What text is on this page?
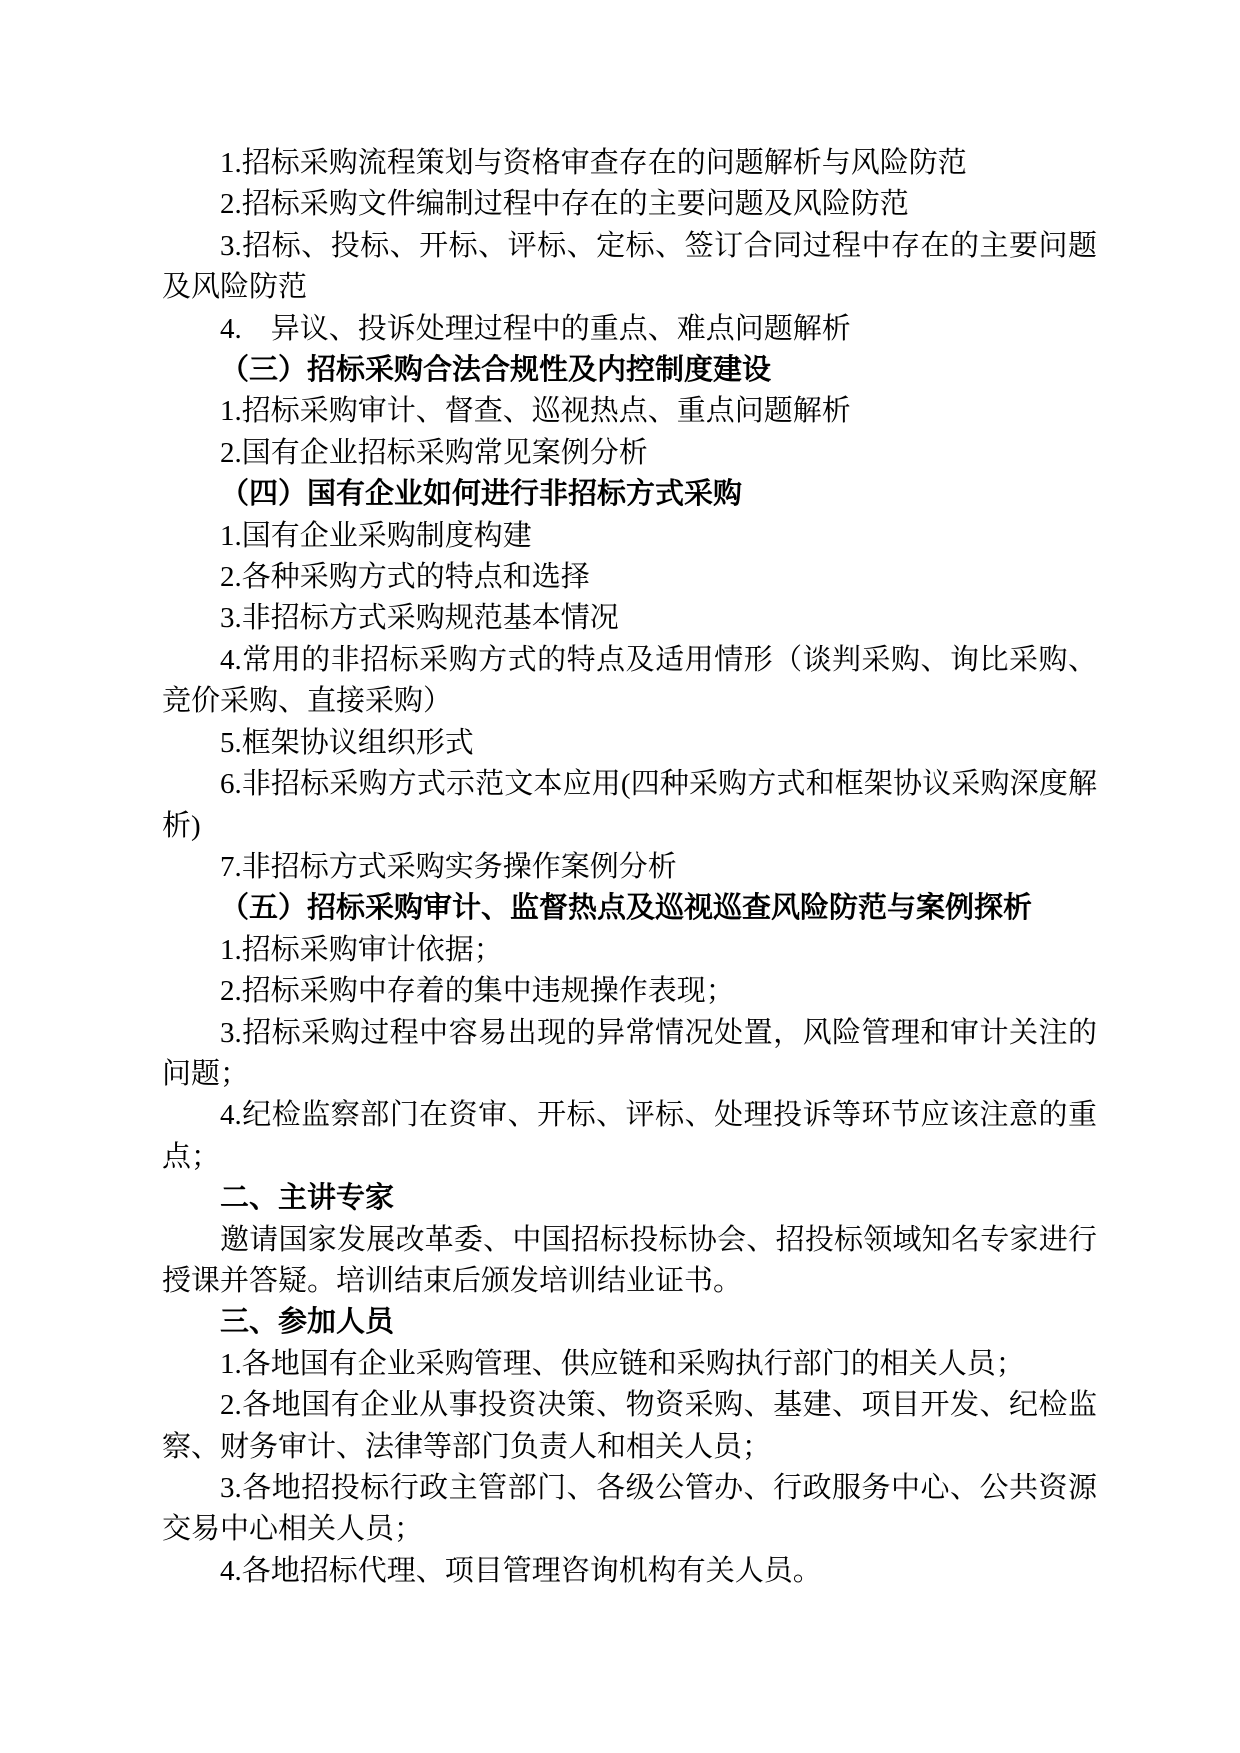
1.招标采购流程策划与资格审查存在的问题解析与风险防范

2.招标采购文件编制过程中存在的主要问题及风险防范

3.招标、投标、开标、评标、定标、签订合同过程中存在的主要问题及风险防范

4.　异议、投诉处理过程中的重点、难点问题解析

（三）招标采购合法合规性及内控制度建设

1.招标采购审计、督查、巡视热点、重点问题解析

2.国有企业招标采购常见案例分析

（四）国有企业如何进行非招标方式采购

1.国有企业采购制度构建

2.各种采购方式的特点和选择

3.非招标方式采购规范基本情况

4.常用的非招标采购方式的特点及适用情形（谈判采购、询比采购、竞价采购、直接采购）

5.框架协议组织形式

6.非招标采购方式示范文本应用(四种采购方式和框架协议采购深度解析)

7.非招标方式采购实务操作案例分析

（五）招标采购审计、监督热点及巡视巡查风险防范与案例探析

1.招标采购审计依据；

2.招标采购中存着的集中违规操作表现；

3.招标采购过程中容易出现的异常情况处置，风险管理和审计关注的问题；

4.纪检监察部门在资审、开标、评标、处理投诉等环节应该注意的重点；

二、主讲专家

邀请国家发展改革委、中国招标投标协会、招投标领域知名专家进行授课并答疑。培训结束后颁发培训结业证书。

三、参加人员

1.各地国有企业采购管理、供应链和采购执行部门的相关人员；

2.各地国有企业从事投资决策、物资采购、基建、项目开发、纪检监察、财务审计、法律等部门负责人和相关人员；

3.各地招投标行政主管部门、各级公管办、行政服务中心、公共资源交易中心相关人员；

4.各地招标代理、项目管理咨询机构有关人员。
